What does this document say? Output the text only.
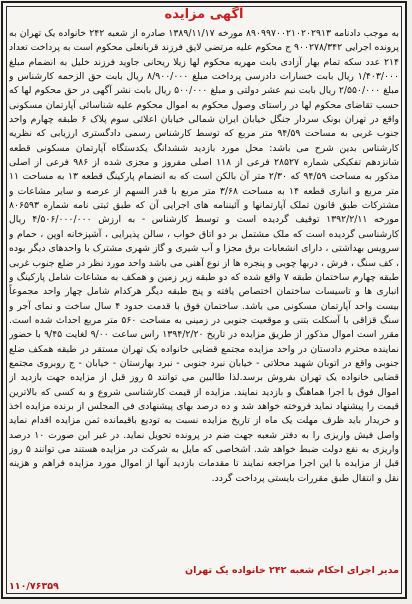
آگهی مزایده

به موجب دادنامه ۸۹۰۹۹۷۰۰۲۱۰۲۰۲۹۱۳ مورخه ۱۳۸۹/۱۱/۱۷ صادره از شعبه ۲۴۲ خانواده یک تهران به پرونده اجرایی ۹۰۰۲۷۸/۳۴۲ ج محکوم علیه مرتضی لایق فرزند قربانعلی محکوم است به پرداخت تعداد ۲۱۴ عدد سکه تمام بهار آزادی بابت مهریه محکوم لها زیلا ریحانی جاوید فرزند خلیل به انضمام مبلغ ۱/۴۰۳/۰۰۰ ریال بابت خسارات دادرسی پرداخت مبلغ ۸/۹۰۰/۰۰۰ ریال بابت حق الزحمه کارشناس و مبلغ ۲/۵۵۰/۰۰۰ ریال بابت نیم عشر دولتی و مبلغ ۵۰۰/۰۰۰ ریال بابت نشر آگهی در حق محکوم لها که حسب تقاضای محکوم لها در راستای وصول محکوم به اموال محکوم علیه شناسائی آپارتمان مسکونی واقع در تهران بونک سردار جنگل خیابان ایران شمالی خیابان اعلائی سوم پلاک ۶ طبقه چهارم واحد جنوب غربی به مساحت ۹۴/۵۹ متر مربع که توسط کارشناس رسمی دادگستری ارزیابی که نظریه کارشناس بدین شرح می باشد: محل مورد بازدید ششدانگ یکدستگاه آپارتمان مسکونی قطعه شانزدهم تفکیکی شماره ۲۸۵۲۷ فرعی از ۱۱۸ اصلی مفروز و مجزی شده از ۹۸۶ فرعی از اصلی مذکور به مساحت ۹۴/۵۹ که ۲/۳۰ متر آن بالکن است که به انضمام پارکینگ قطعه ۱۳ به مساحت ۱۱ متر مربع و انباری قطعه ۱۴ به مساحت ۳/۶۸ متر مربع با قدر السهم از عرصه و سایر مشاعات و مشترکات طبق قانون تملک آپارتمانها و آئیننامه های اجرایی آن که طبق ثبتی نامه شماره ۸۰۶۵۹۳ مورخه ۱۳۹۲/۲/۱۱ توقیف گردیده است و توسط کارشناس - به ارزش ۴/۵۰۶/۰۰۰/۰۰۰ ریال کارشناسی گردیده است که ملک مشتمل بر دو اتاق خواب ، سالن پذیرایی ، آشپزخانه اوپن ، حمام و سرویس بهداشتی ، دارای انشعابات برق مجزا و آب شیری و گاز شهری مشترک با واحدهای دیگر بوده ، کف سنگ ، فرش ، دربها چوبی و پنجره ها از نوع آهنی می باشد واحد مورد نظر در ضلع جنوب غربی طبقه چهارم ساختمان طبقه ۷ واقع شده که دو طبقه زیر زمین و همکف به مشاعات شامل پارکینگ و انباری ها و تاسیسات ساختمان اختصاص یافته و پنج طبقه دیگر هرکدام شامل چهار واحد مجموعاً بیست واحد آپارتمان مسکونی می باشد. ساختمان فوق با قدمت حدود ۴ سال ساخت و نمای آجر و سنگ قزاقی با آسکلت بتنی و موقعیت جنوبی در زمینی به مساحت ۵۶۰ متر مربع احداث شده است. مقرر است اموال مذکور از طریق مزایده در تاریخ ۱۳۹۴/۲/۲۰ راس ساعت ۹/۰۰ لغایت ۹/۴۵ با حضور نماینده محترم دادستان در واحد مزایده مجتمع قضایی خانواده یک تهران مستقر در طبقه همکف ضلع جنوبی واقع در اتوبان شهید محلاتی - خیابان نبرد جنوبی - نبرد بهارستان - خیابان - ج روبروی مجتمع قضایی خانواده یک تهران بفروش برسد.لذا طالبین می توانند ۵ روز قبل از مزایده جهت بازدید از اموال فوق با اجرا هماهنگ و بازدید نمایند. مزایده از قیمت کارشناسی شروع و به کسی که بالاترین قیمت را پیشنهاد نماید فروخته خواهد شد و ده درصد بهای پیشنهادی فی المجلس از برنده مزایده اخذ و خریدار باید ظرف مهلت یک ماه از تاریخ مزایده نسبت به تودیع باقیمانده ثمن مزایده اقدام نماید واصل فیش واریزی را به دفتر شعبه جهت ضم در پرونده تحویل نماید. در غیر این صورت ۱۰ درصد واریزی به نفع دولت ضبط خواهد شد. اشخاصی که مایل به شرکت در مزایده هستند می توانند ۵ روز قبل از مزایده با این اجرا مراجعه نمایند تا مقدمات بازدید آنها از اموال مورد مزایده فراهم و هزینه نقل و انتقال طبق مقررات بایستی پرداخت گردد.

مدیر اجرای احکام شعبه ۲۴۲ خانواده یک تهران
۱۱۰/۷۶۳۵۹
